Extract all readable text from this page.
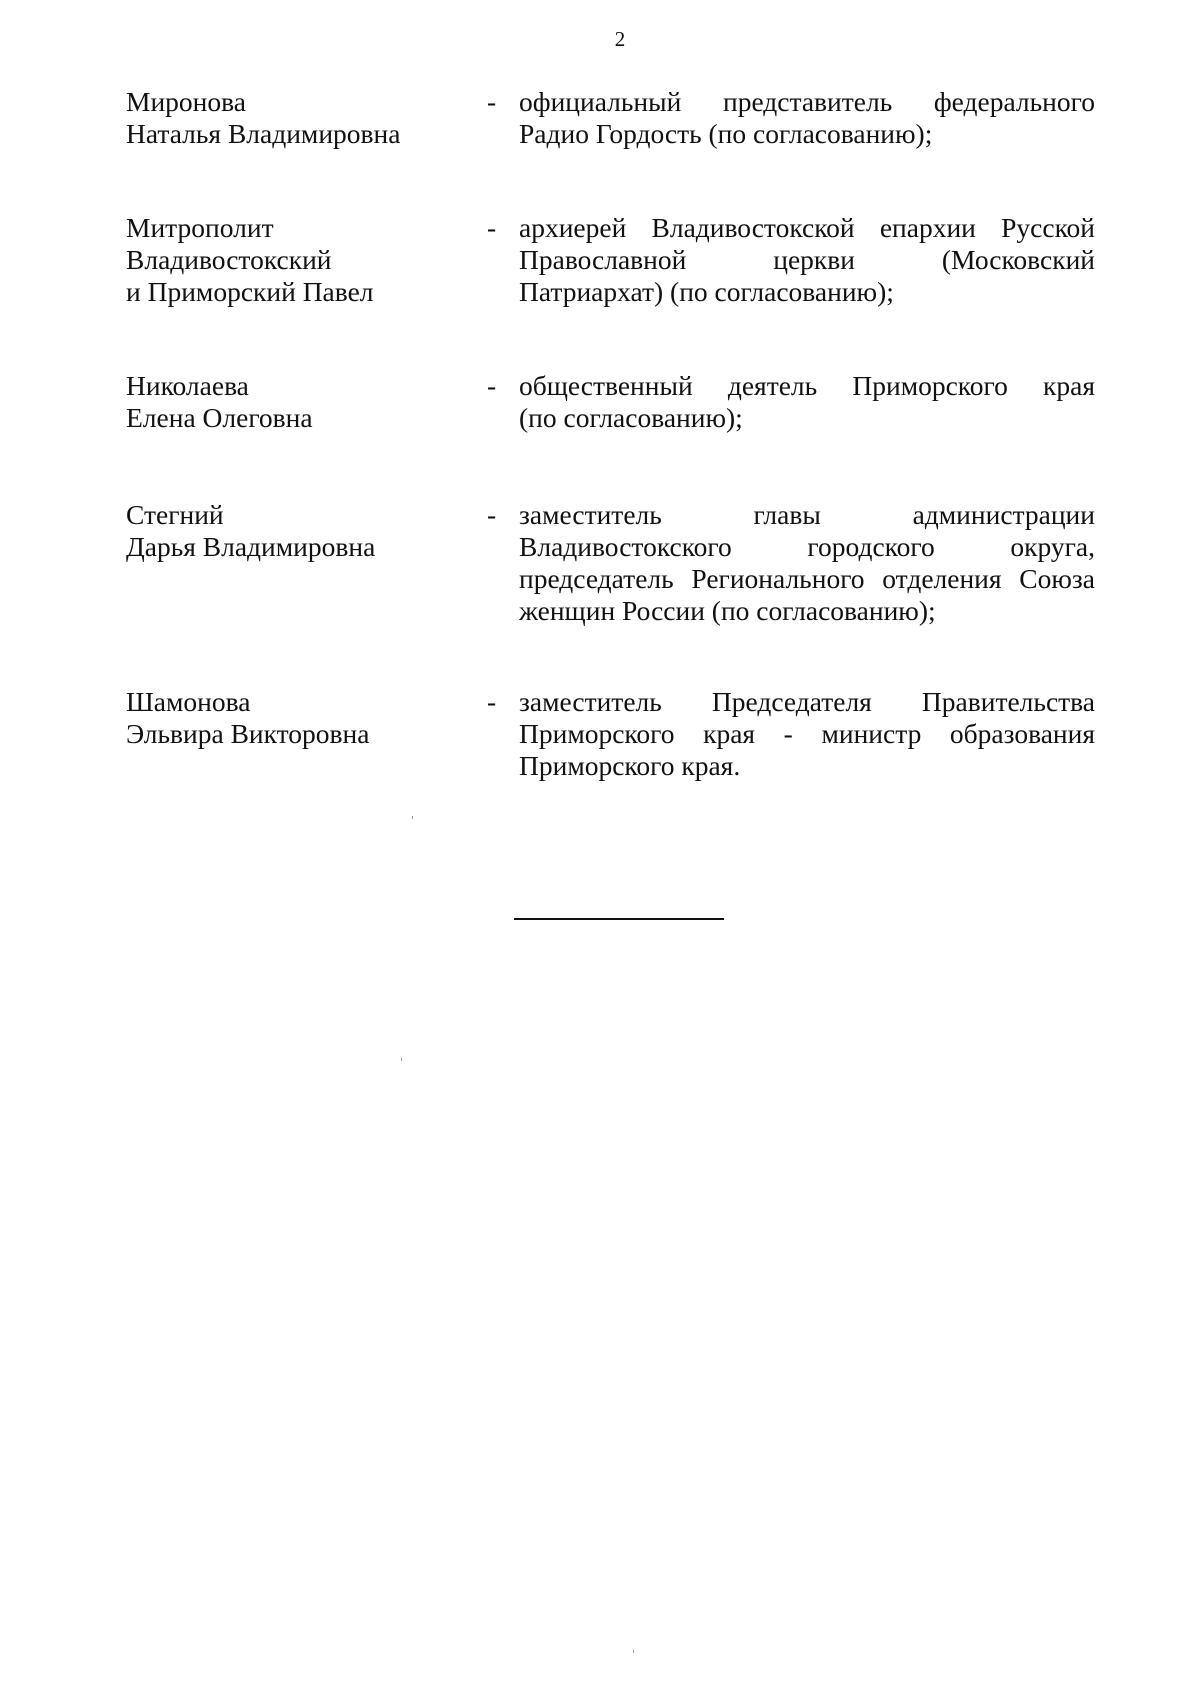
2
Миронова
Наталья Владимировна
- официальный представитель федерального
Радио Гордость (по согласованию);
Митрополит
Владивостокский
и Приморский Павел
- архиерей Владивостокской епархии Русской
Православной церкви (Московский
Патриархат) (по согласованию);
Николаева
Елена Олеговна
- общественный деятель Приморского края
(по согласованию);
Стегний
Дарья Владимировна
- заместитель главы администрации
Владивостокского городского округа,
председатель Регионального отделения Союза
женщин России (по согласованию);
Шамонова
Эльвира Викторовна
- заместитель Председателя Правительства
Приморского края - министр образования
Приморского края.
